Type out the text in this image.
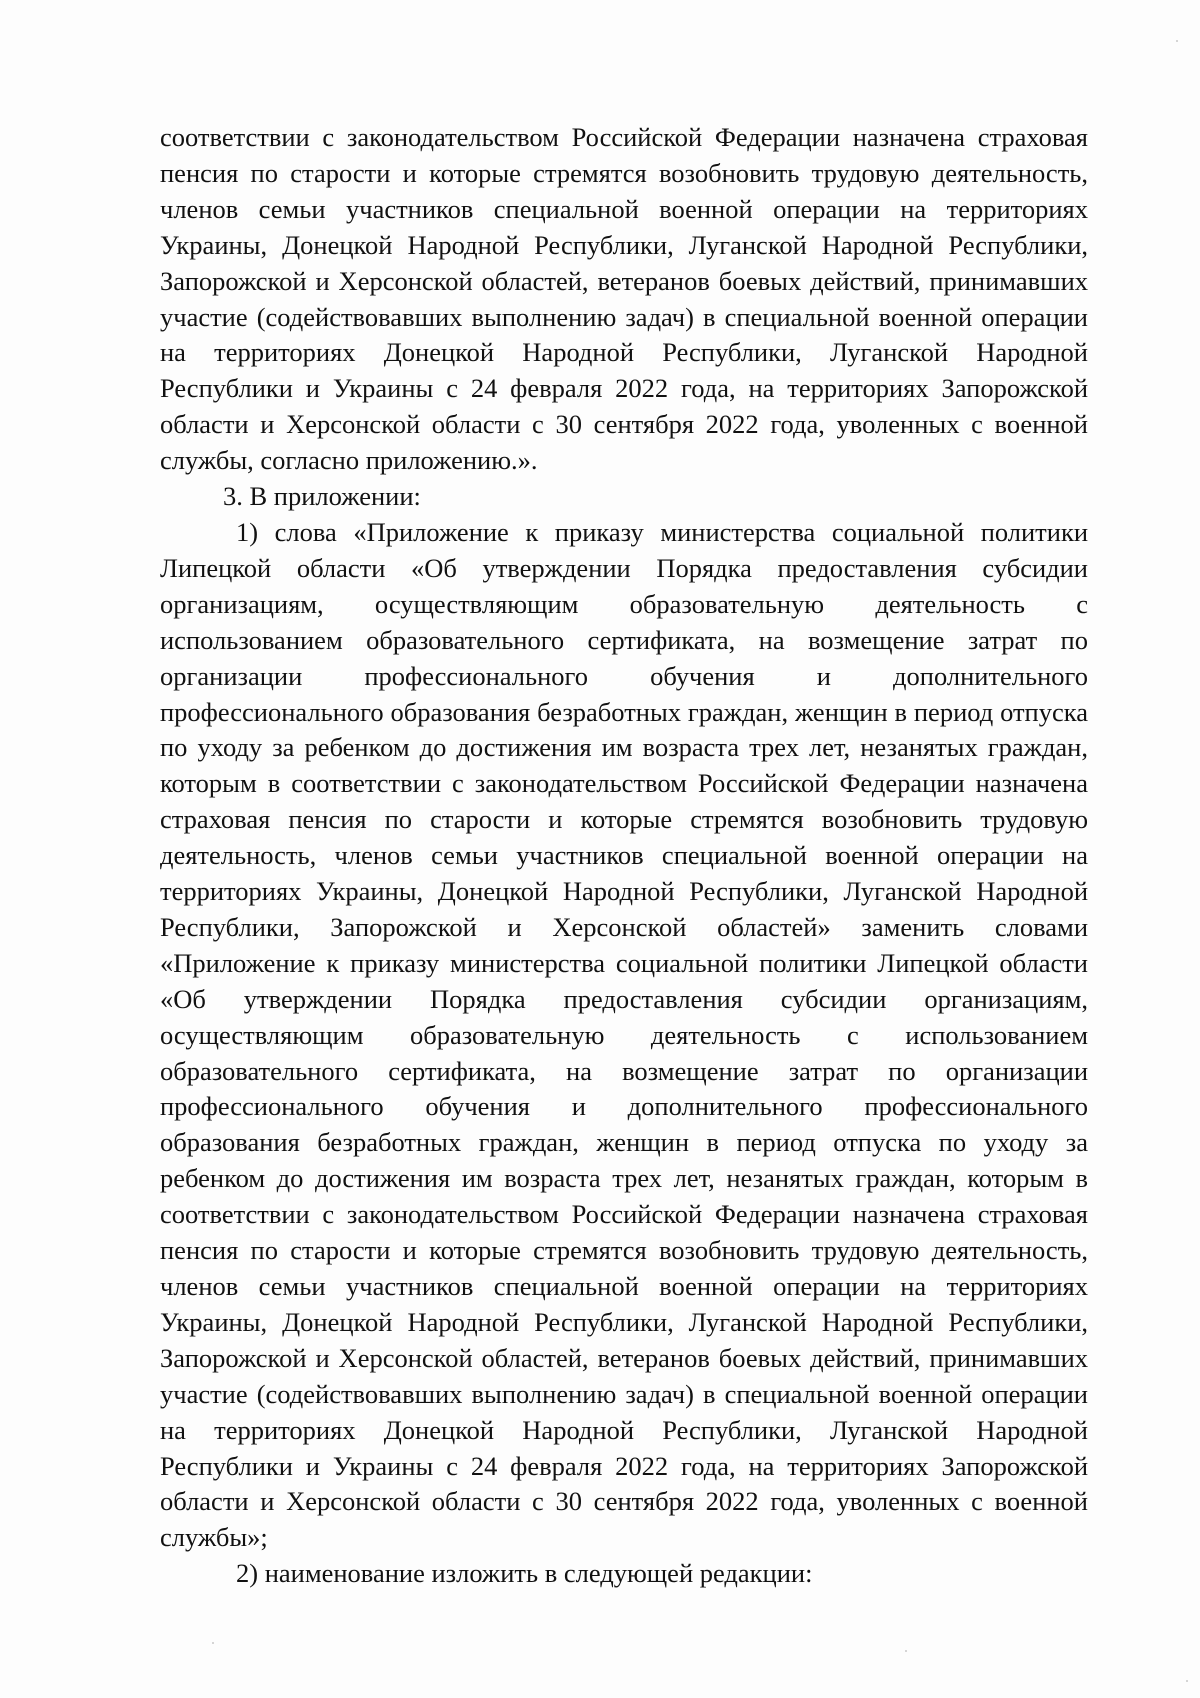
соответствии с законодательством Российской Федерации назначена страховая пенсия по старости и которые стремятся возобновить трудовую деятельность, членов семьи участников специальной военной операции на территориях Украины, Донецкой Народной Республики, Луганской Народной Республики, Запорожской и Херсонской областей, ветеранов боевых действий, принимавших участие (содействовавших выполнению задач) в специальной военной операции на территориях Донецкой Народной Республики, Луганской Народной Республики и Украины с 24 февраля 2022 года, на территориях Запорожской области и Херсонской области с 30 сентября 2022 года, уволенных с военной службы, согласно приложению.».

3. В приложении:

1) слова «Приложение к приказу министерства социальной политики Липецкой области «Об утверждении Порядка предоставления субсидии организациям, осуществляющим образовательную деятельность с использованием образовательного сертификата, на возмещение затрат по организации профессионального обучения и дополнительного профессионального образования безработных граждан, женщин в период отпуска по уходу за ребенком до достижения им возраста трех лет, незанятых граждан, которым в соответствии с законодательством Российской Федерации назначена страховая пенсия по старости и которые стремятся возобновить трудовую деятельность, членов семьи участников специальной военной операции на территориях Украины, Донецкой Народной Республики, Луганской Народной Республики, Запорожской и Херсонской областей» заменить словами «Приложение к приказу министерства социальной политики Липецкой области «Об утверждении Порядка предоставления субсидии организациям, осуществляющим образовательную деятельность с использованием образовательного сертификата, на возмещение затрат по организации профессионального обучения и дополнительного профессионального образования безработных граждан, женщин в период отпуска по уходу за ребенком до достижения им возраста трех лет, незанятых граждан, которым в соответствии с законодательством Российской Федерации назначена страховая пенсия по старости и которые стремятся возобновить трудовую деятельность, членов семьи участников специальной военной операции на территориях Украины, Донецкой Народной Республики, Луганской Народной Республики, Запорожской и Херсонской областей, ветеранов боевых действий, принимавших участие (содействовавших выполнению задач) в специальной военной операции на территориях Донецкой Народной Республики, Луганской Народной Республики и Украины с 24 февраля 2022 года, на территориях Запорожской области и Херсонской области с 30 сентября 2022 года, уволенных с военной службы»;

2) наименование изложить в следующей редакции:
